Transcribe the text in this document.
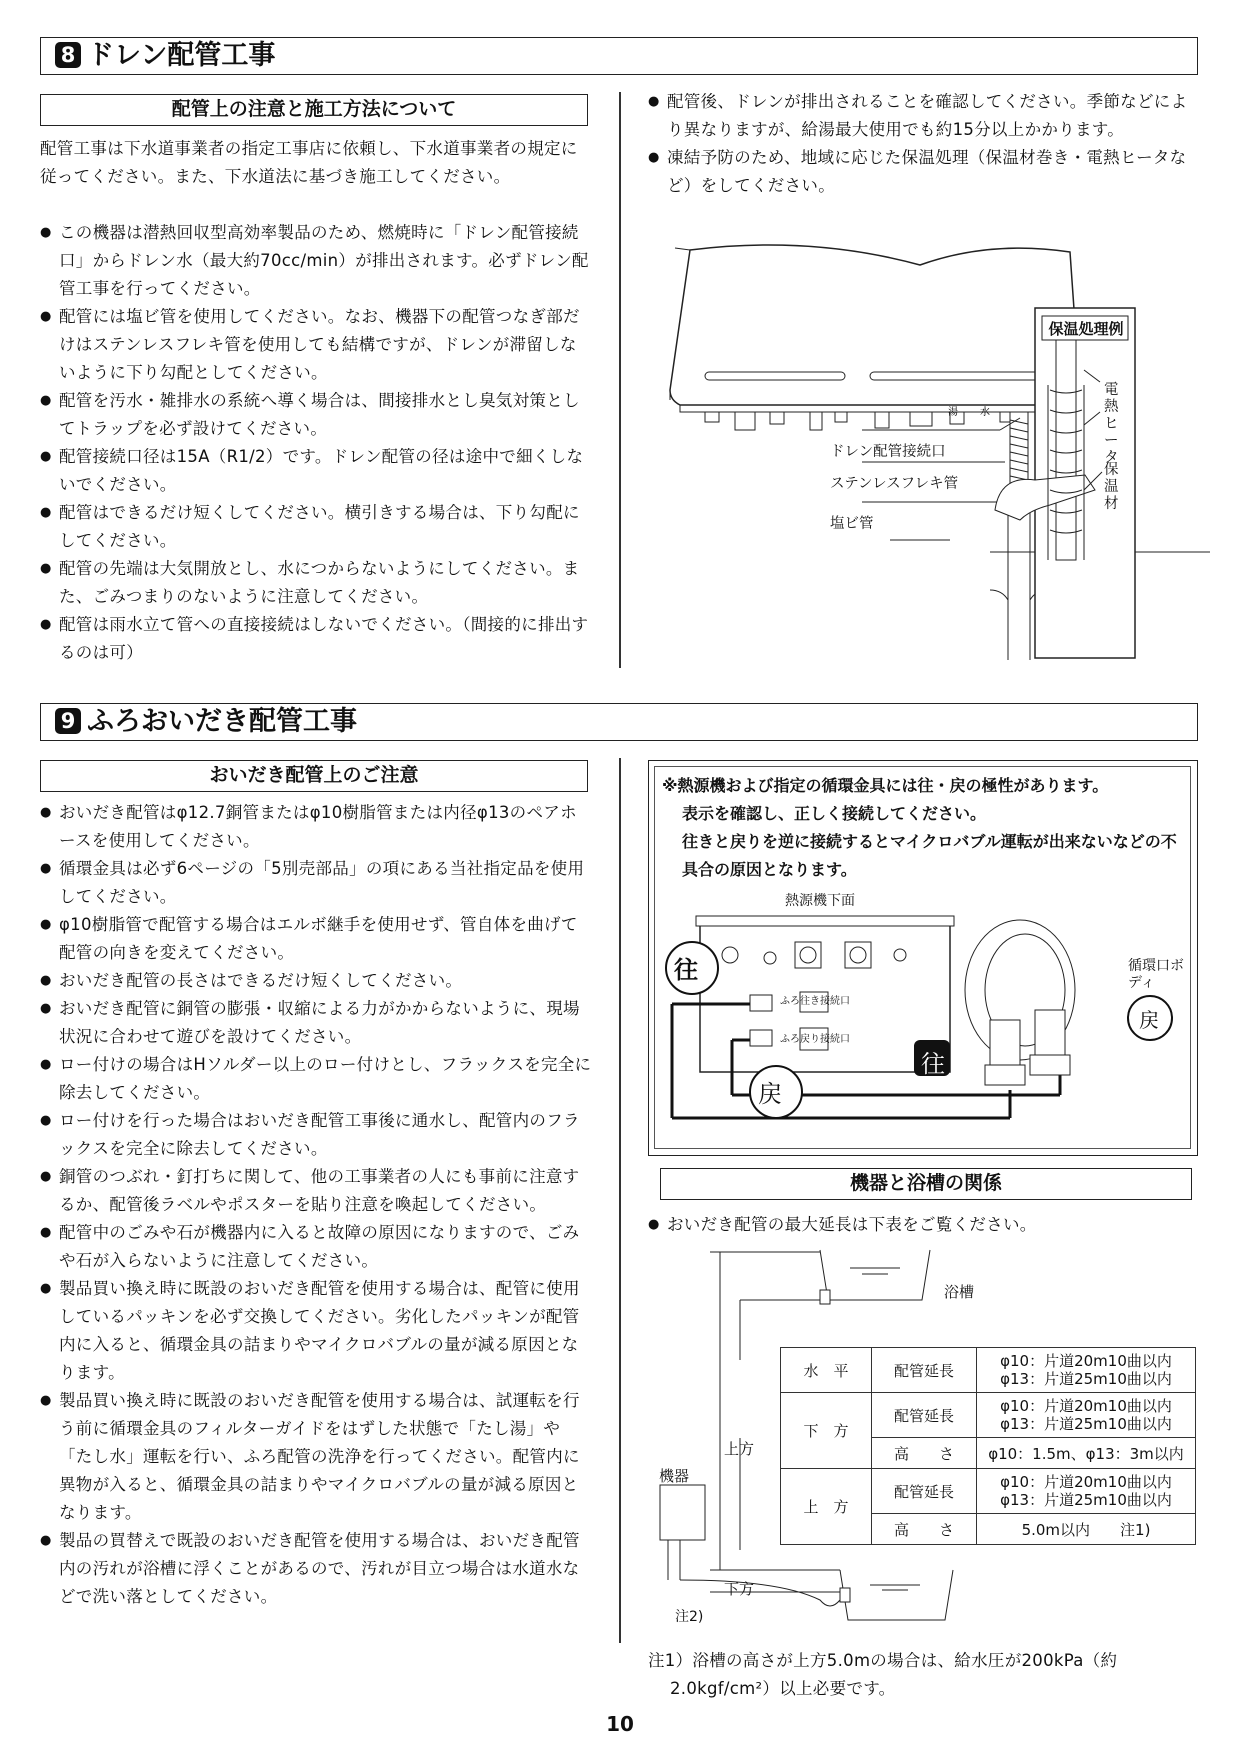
8 ドレン配管工事
配管上の注意と施工方法について
配管工事は下水道事業者の指定工事店に依頼し、下水道事業者の規定に従ってください。また、下水道法に基づき施工してください。
● この機器は潜熱回収型高効率製品のため、燃焼時に「ドレン配管接続口」からドレン水（最大約70cc/min）が排出されます。必ずドレン配管工事を行ってください。
● 配管には塩ビ管を使用してください。なお、機器下の配管つなぎ部だけはステンレスフレキ管を使用しても結構ですが、ドレンが滞留しないように下り勾配としてください。
● 配管を汚水・雑排水の系統へ導く場合は、間接排水とし臭気対策としてトラップを必ず設けてください。
● 配管接続口径は15A（R1/2）です。ドレン配管の径は途中で細くしないでください。
● 配管はできるだけ短くしてください。横引きする場合は、下り勾配にしてください。
● 配管の先端は大気開放とし、水につからないようにしてください。また、ごみつまりのないように注意してください。
● 配管は雨水立て管への直接接続はしないでください。（間接的に排出するのは可）
● 配管後、ドレンが排出されることを確認してください。季節などにより異なりますが、給湯最大使用でも約15分以上かかります。
● 凍結予防のため、地域に応じた保温処理（保温材巻き・電熱ヒータなど）をしてください。
湯 水
ドレン配管接続口
ステンレスフレキ管
塩ビ管
保温処理例
電熱ヒータ
保温材
9 ふろおいだき配管工事
おいだき配管上のご注意
● おいだき配管はφ12.7銅管またはφ10樹脂管または内径φ13のペアホースを使用してください。
● 循環金具は必ず6ページの「5別売部品」の項にある当社指定品を使用してください。
● φ10樹脂管で配管する場合はエルボ継手を使用せず、管自体を曲げて配管の向きを変えてください。
● おいだき配管の長さはできるだけ短くしてください。
● おいだき配管に銅管の膨張・収縮による力がかからないように、現場状況に合わせて遊びを設けてください。
● ロー付けの場合はHソルダー以上のロー付けとし、フラックスを完全に除去してください。
● ロー付けを行った場合はおいだき配管工事後に通水し、配管内のフラックスを完全に除去してください。
● 銅管のつぶれ・釘打ちに関して、他の工事業者の人にも事前に注意するか、配管後ラベルやポスターを貼り注意を喚起してください。
● 配管中のごみや石が機器内に入ると故障の原因になりますので、ごみや石が入らないように注意してください。
● 製品買い換え時に既設のおいだき配管を使用する場合は、配管に使用しているパッキンを必ず交換してください。劣化したパッキンが配管内に入ると、循環金具の詰まりやマイクロバブルの量が減る原因となります。
● 製品買い換え時に既設のおいだき配管を使用する場合は、試運転を行う前に循環金具のフィルターガイドをはずした状態で「たし湯」や「たし水」運転を行い、ふろ配管の洗浄を行ってください。配管内に異物が入ると、循環金具の詰まりやマイクロバブルの量が減る原因となります。
● 製品の買替えで既設のおいだき配管を使用する場合は、おいだき配管内の汚れが浴槽に浮くことがあるので、汚れが目立つ場合は水道水などで洗い落としてください。
※熱源機および指定の循環金具には往・戻の極性があります。
表示を確認し、正しく接続してください。
往きと戻りを逆に接続するとマイクロバブル運転が出来ないなどの不具合の原因となります。
往
戻
戻
往
熱源機下面
循環口ボディ
ふろ往き接続口
ふろ戻り接続口
機器と浴槽の関係
● おいだき配管の最大延長は下表をご覧ください。
浴槽
機器
上方
下方
注2)
水　平	配管延長	φ10：片道20m10曲以内
φ13：片道25m10曲以内

下　方	配管延長	φ10：片道20m10曲以内
φ13：片道25m10曲以内

	高　　さ	φ10：1.5m、φ13：3m以内
上　方	配管延長	φ10：片道20m10曲以内
φ13：片道25m10曲以内

	高　　さ	5.0m以内　　注1)
注1）浴槽の高さが上方5.0mの場合は、給水圧が200kPa（約2.0kgf/cm²）以上必要です。
10
